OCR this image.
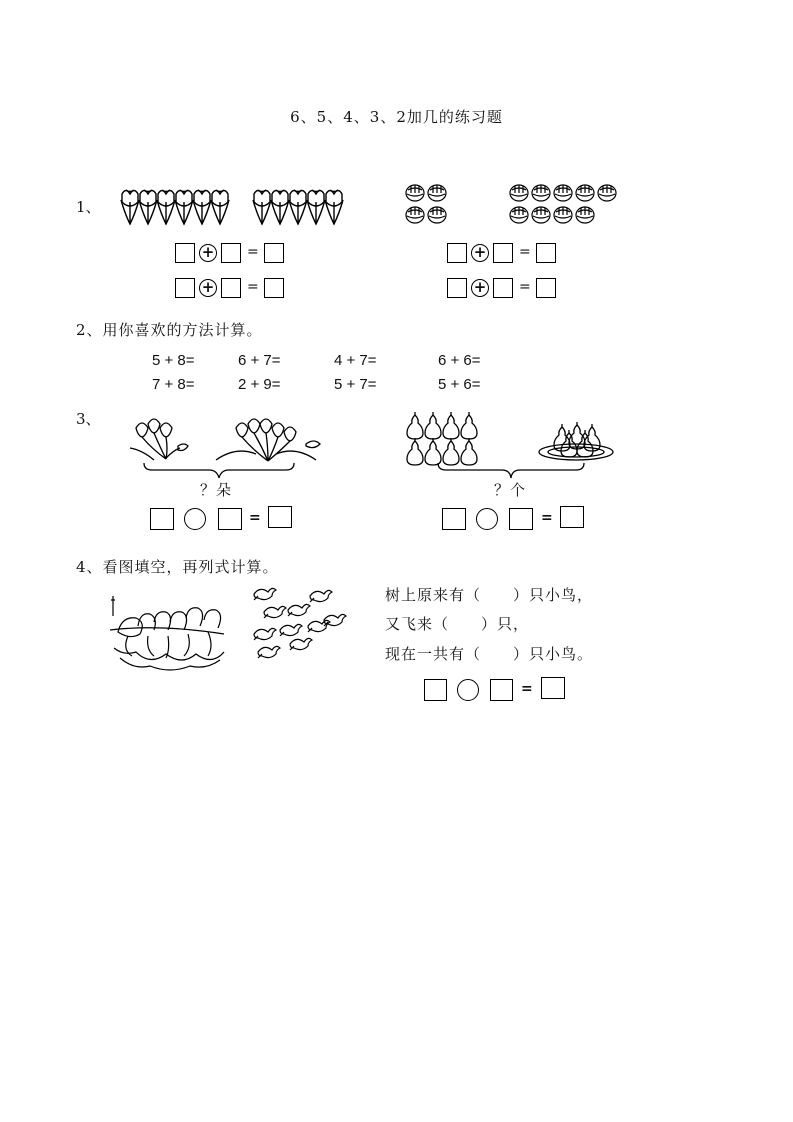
6、5、4、3、2加几的练习题
1、
+ =
+ =
+ =
+ =
2、用你喜欢的方法计算。
5 + 8=	6 + 7=	4 + 7=	6 + 6=
7 + 8=	2 + 9=	5 + 7=	5 + 6=
3、
？朵	？个
=	=
4、看图填空，再列式计算。
树上原来有（　　）只小鸟，
又飞来（　　）只，
现在一共有（　　）只小鸟。
=
